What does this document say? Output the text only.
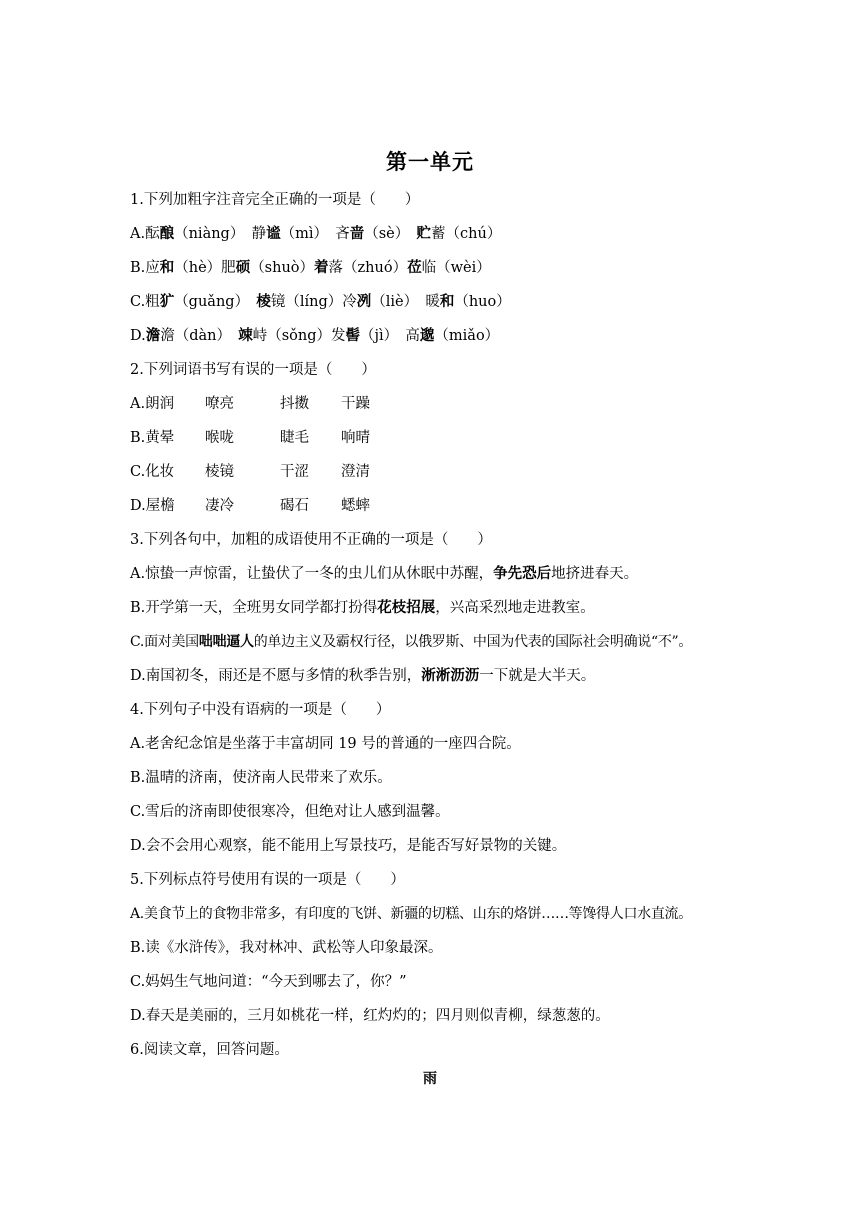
第一单元
1.下列加粗字注音完全正确的一项是（　　）
A.酝酿（niàng）　静谧（mì）　吝啬（sè）　贮蓄（chú）
B.应和（hè）肥硕（shuò）着落（zhuó）莅临（wèi）
C.粗犷（guǎng）　棱镜（líng）冷冽（liè）　暖和（huo）
D.澹澹（dàn）　竦峙（sǒng）发髻（jì）　高邈（miǎo）
2.下列词语书写有误的一项是（　　）
A.朗润 嘹亮	抖擞 干躁
B.黄晕 喉咙	睫毛 响晴
C.化妆 棱镜	干涩 澄清
D.屋檐 凄冷	碣石 蟋蟀
3.下列各句中，加粗的成语使用不正确的一项是（　　）
A.惊蛰一声惊雷，让蛰伏了一冬的虫儿们从休眠中苏醒，争先恐后地挤进春天。
B.开学第一天，全班男女同学都打扮得花枝招展，兴高采烈地走进教室。
C.面对美国咄咄逼人的单边主义及霸权行径，以俄罗斯、中国为代表的国际社会明确说“不”。
D.南国初冬，雨还是不愿与多情的秋季告别，淅淅沥沥一下就是大半天。
4.下列句子中没有语病的一项是（　　）
A.老舍纪念馆是坐落于丰富胡同 19 号的普通的一座四合院。
B.温晴的济南，使济南人民带来了欢乐。
C.雪后的济南即使很寒冷，但绝对让人感到温馨。
D.会不会用心观察，能不能用上写景技巧，是能否写好景物的关键。
5.下列标点符号使用有误的一项是（　　）
A.美食节上的食物非常多，有印度的飞饼、新疆的切糕、山东的烙饼……等馋得人口水直流。
B.读《水浒传》，我对林冲、武松等人印象最深。
C.妈妈生气地问道：“今天到哪去了，你？”
D.春天是美丽的，三月如桃花一样，红灼灼的；四月则似青柳，绿葱葱的。
6.阅读文章，回答问题。
雨
